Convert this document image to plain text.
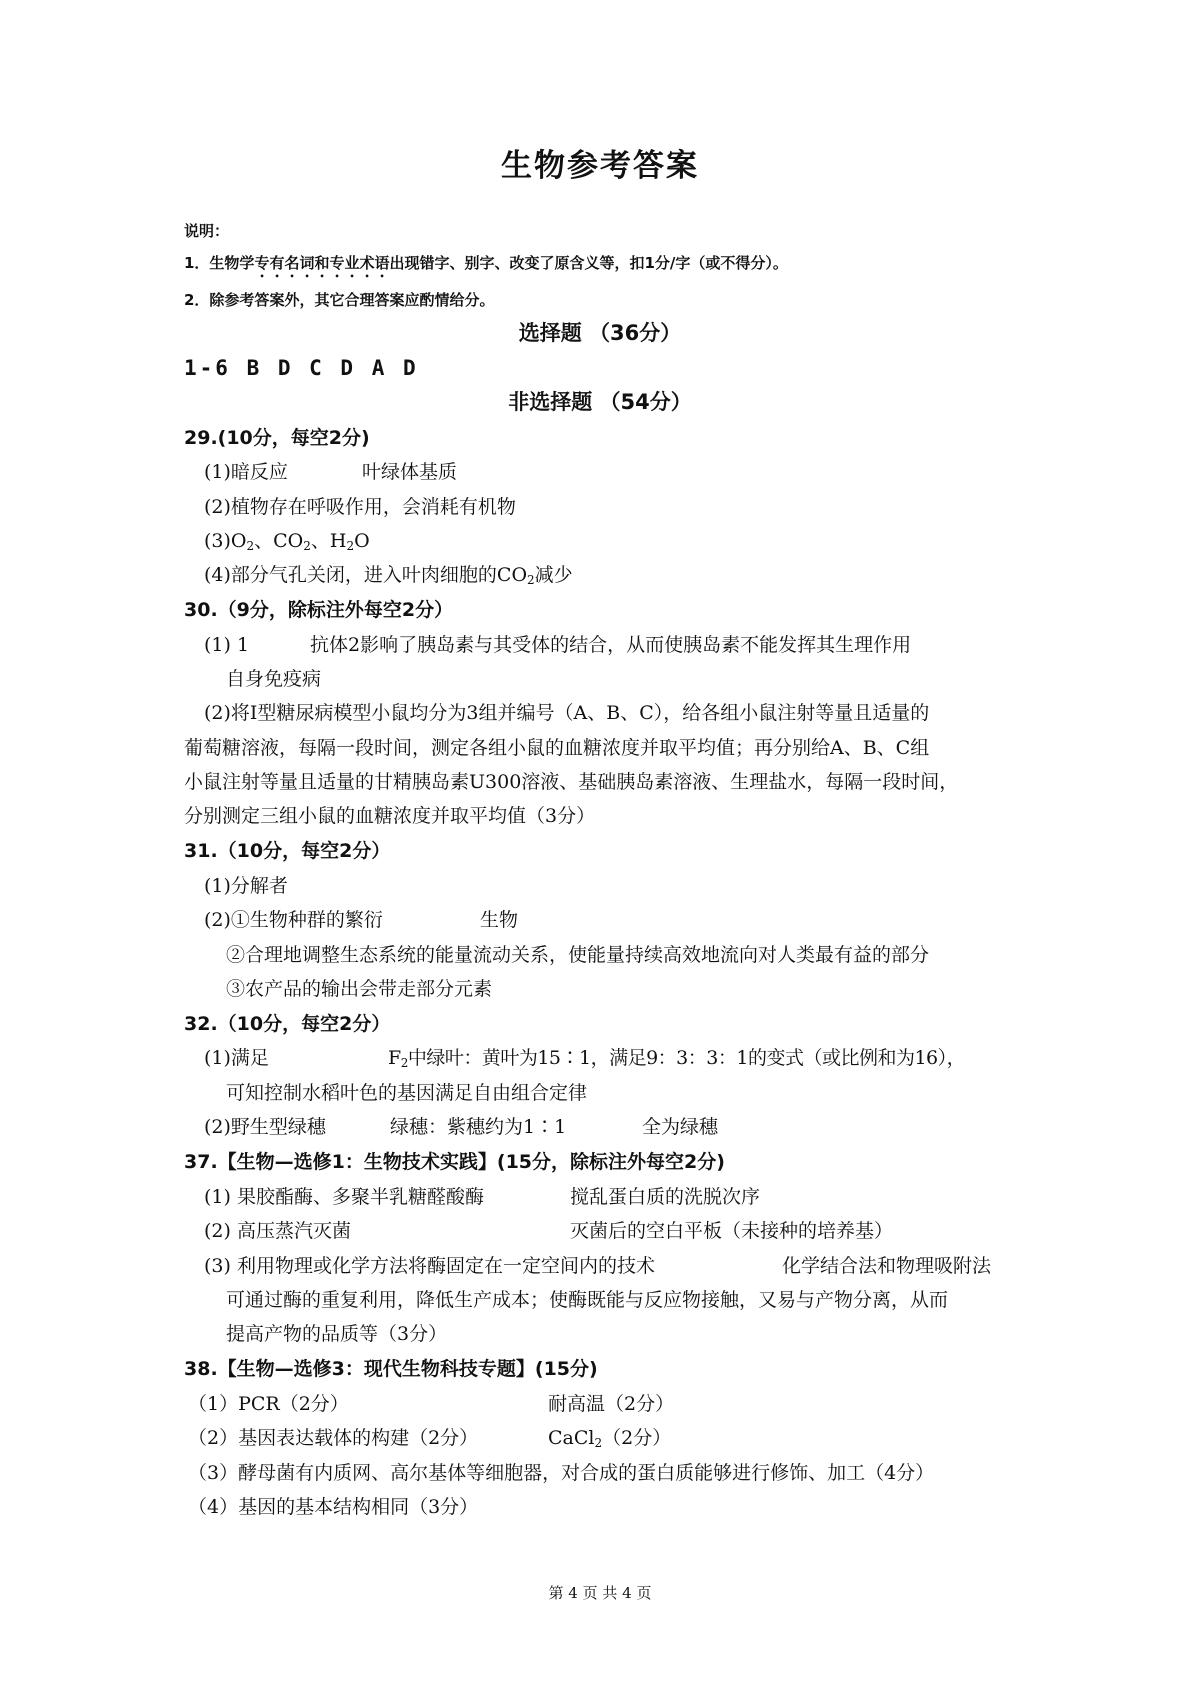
生物参考答案
说明：
1．生物学专有名词和专业术语出现错字、别字、改变了原含义等，扣1分/字（或不得分）。
2．除参考答案外，其它合理答案应酌情给分。
选择题 （36分）
1-6 B D C D A D
非选择题 （54分）
29.(10分，每空2分)
(1)暗反应	叶绿体基质
(2)植物存在呼吸作用，会消耗有机物
$(3)O_2$、$CO_2$、$H_2O$
(4)部分气孔关闭，进入叶肉细胞的$CO_2$减少
30.（9分，除标注外每空2分）
(1) 1	抗体2影响了胰岛素与其受体的结合，从而使胰岛素不能发挥其生理作用
自身免疫病
(2)将Ⅰ型糖尿病模型小鼠均分为3组并编号（A、B、C），给各组小鼠注射等量且适量的
葡萄糖溶液，每隔一段时间，测定各组小鼠的血糖浓度并取平均值；再分别给A、B、C组
小鼠注射等量且适量的甘精胰岛素U300溶液、基础胰岛素溶液、生理盐水，每隔一段时间，
分别测定三组小鼠的血糖浓度并取平均值（3分）
31.（10分，每空2分）
(1)分解者
(2)①生物种群的繁衍	生物
②合理地调整生态系统的能量流动关系，使能量持续高效地流向对人类最有益的部分
③农产品的输出会带走部分元素
32.（10分，每空2分）
(1)满足	$F_2$中绿叶：黄叶为15∶1，满足9：3：3：1的变式（或比例和为16），
可知控制水稻叶色的基因满足自由组合定律
(2)野生型绿穗	绿穗：紫穗约为1∶1	全为绿穗
37.【生物—选修1：生物技术实践】(15分，除标注外每空2分)
(1) 果胶酯酶、多聚半乳糖醛酸酶	搅乱蛋白质的洗脱次序
(2) 高压蒸汽灭菌	灭菌后的空白平板（未接种的培养基）
(3) 利用物理或化学方法将酶固定在一定空间内的技术	化学结合法和物理吸附法
可通过酶的重复利用，降低生产成本；使酶既能与反应物接触，又易与产物分离，从而
提高产物的品质等（3分）
38.【生物—选修3：现代生物科技专题】(15分)
（1）PCR（2分）	耐高温（2分）
（2）基因表达载体的构建（2分）	CaCl$_2$（2分）
（3）酵母菌有内质网、高尔基体等细胞器，对合成的蛋白质能够进行修饰、加工（4分）
（4）基因的基本结构相同（3分）
第 4 页 共 4 页
